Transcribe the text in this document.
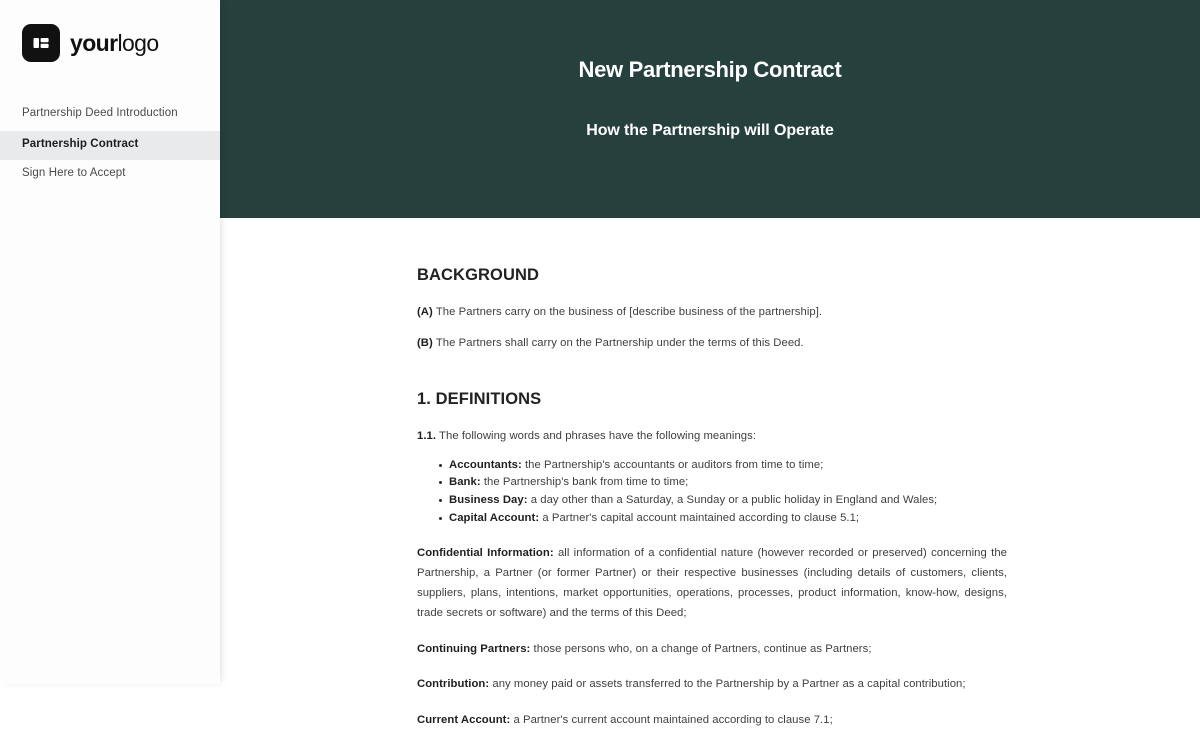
yourlogo
Partnership Deed Introduction
Partnership Contract
Sign Here to Accept
New Partnership Contract
How the Partnership will Operate
BACKGROUND

(A) The Partners carry on the business of [describe business of the partnership].

(B) The Partners shall carry on the Partnership under the terms of this Deed.

1. DEFINITIONS

1.1. The following words and phrases have the following meanings:

Accountants: the Partnership's accountants or auditors from time to time;
Bank: the Partnership's bank from time to time;
Business Day: a day other than a Saturday, a Sunday or a public holiday in England and Wales;
Capital Account: a Partner's capital account maintained according to clause 5.1;

Confidential Information: all information of a confidential nature (however recorded or preserved) concerning the Partnership, a Partner (or former Partner) or their respective businesses (including details of customers, clients, suppliers, plans, intentions, market opportunities, operations, processes, product information, know-how, designs, trade secrets or software) and the terms of this Deed;

Continuing Partners: those persons who, on a change of Partners, continue as Partners;

Contribution: any money paid or assets transferred to the Partnership by a Partner as a capital contribution;

Current Account: a Partner's current account maintained according to clause 7.1;
